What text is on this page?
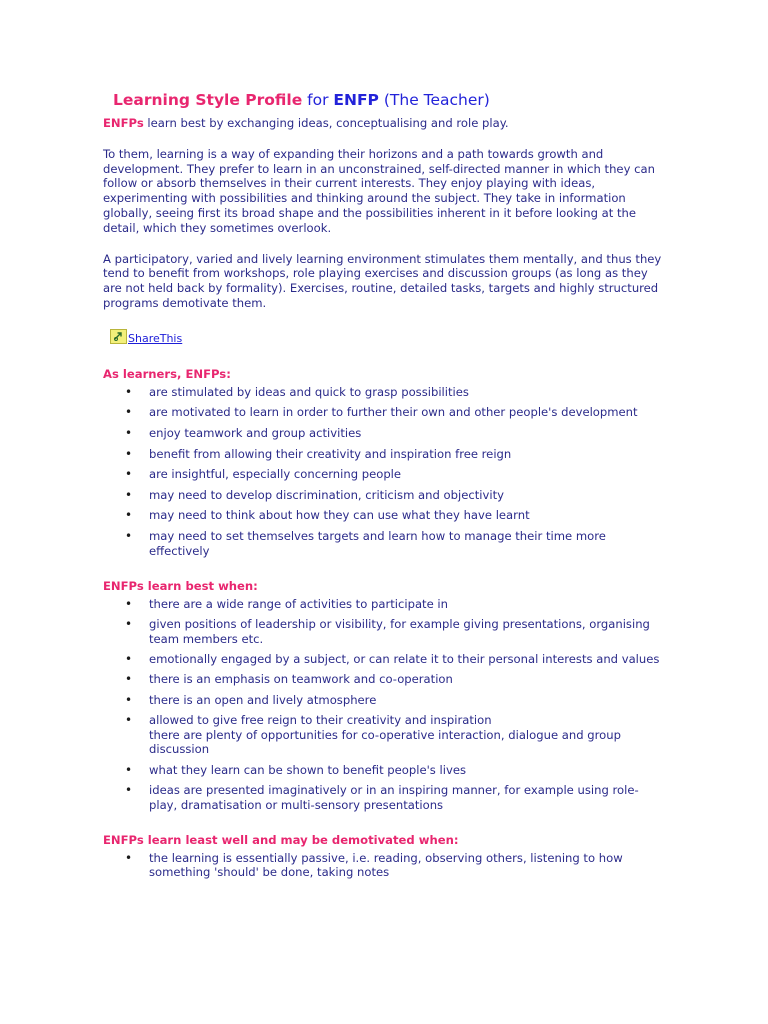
Learning Style Profile for ENFP (The Teacher)

ENFPs learn best by exchanging ideas, conceptualising and role play.

To them, learning is a way of expanding their horizons and a path towards growth and development. They prefer to learn in an unconstrained, self-directed manner in which they can follow or absorb themselves in their current interests. They enjoy playing with ideas, experimenting with possibilities and thinking around the subject. They take in information globally, seeing first its broad shape and the possibilities inherent in it before looking at the detail, which they sometimes overlook.

A participatory, varied and lively learning environment stimulates them mentally, and thus they tend to benefit from workshops, role playing exercises and discussion groups (as long as they are not held back by formality). Exercises, routine, detailed tasks, targets and highly structured programs demotivate them.

ShareThis
As learners, ENFPs:
• are stimulated by ideas and quick to grasp possibilities
• are motivated to learn in order to further their own and other people's development
• enjoy teamwork and group activities
• benefit from allowing their creativity and inspiration free reign
• are insightful, especially concerning people
• may need to develop discrimination, criticism and objectivity
• may need to think about how they can use what they have learnt
• may need to set themselves targets and learn how to manage their time more effectively
ENFPs learn best when:
• there are a wide range of activities to participate in
• given positions of leadership or visibility, for example giving presentations, organising team members etc.
• emotionally engaged by a subject, or can relate it to their personal interests and values
• there is an emphasis on teamwork and co-operation
• there is an open and lively atmosphere
• allowed to give free reign to their creativity and inspiration
there are plenty of opportunities for co-operative interaction, dialogue and group discussion
• what they learn can be shown to benefit people's lives
• ideas are presented imaginatively or in an inspiring manner, for example using role-play, dramatisation or multi-sensory presentations
ENFPs learn least well and may be demotivated when:
• the learning is essentially passive, i.e. reading, observing others, listening to how something 'should' be done, taking notes
